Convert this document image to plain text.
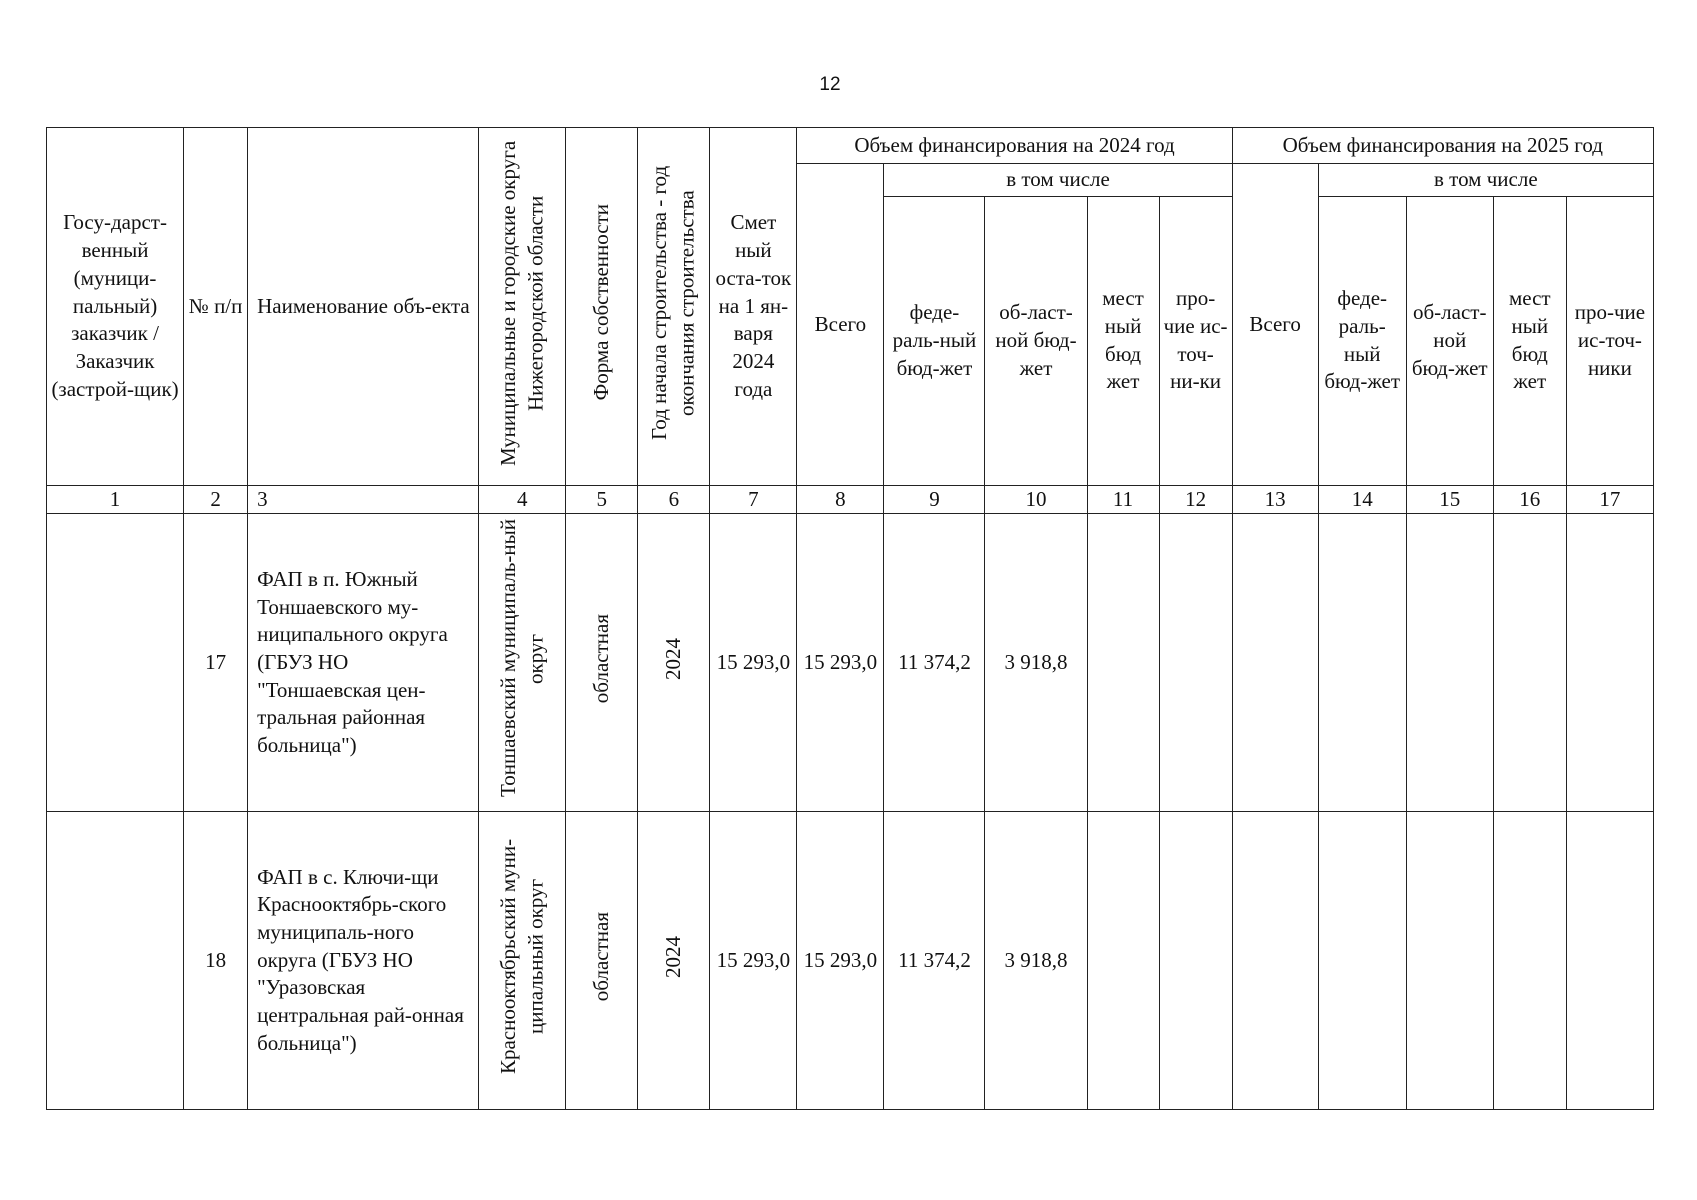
12
Госу-дарст-венный (муници-пальный) заказчик / Заказчик (застрой-щик)	№ п/п	Наименование объ-екта	Муниципальные и городские округа Нижегородской области	Форма собственности	Год начала строительства - год окончания строительства	Смет ный оста-ток на 1 ян-варя 2024 года	Объем финансирования на 2024 год					Объем финансирования на 2025 год				
							Всего	в том числе				Всего	в том числе			
								феде-раль-ный бюд-жет	об-ласт-ной бюд-жет	мест ный бюд жет	про-чие ис-точ-ни-ки		феде-раль-ный бюд-жет	об-ласт-ной бюд-жет	мест ный бюд жет	про-чие ис-точ-ники
1	2	3	4	5	6	7	8	9	10	11	12	13	14	15	16	17
	17	ФАП в п. Южный Тоншаевского му-ниципального округа (ГБУЗ НО "Тоншаевская цен-тральная районная больница")	Тоншаевский муниципаль-ный округ	областная	2024	15 293,0	15 293,0	11 374,2	3 918,8							
	18	ФАП в с. Ключи-щи Краснооктябрь-ского муниципаль-ного округа (ГБУЗ НО "Уразовская центральная рай-онная больница")	Краснооктябрьский муни-ципальный округ	областная	2024	15 293,0	15 293,0	11 374,2	3 918,8							
